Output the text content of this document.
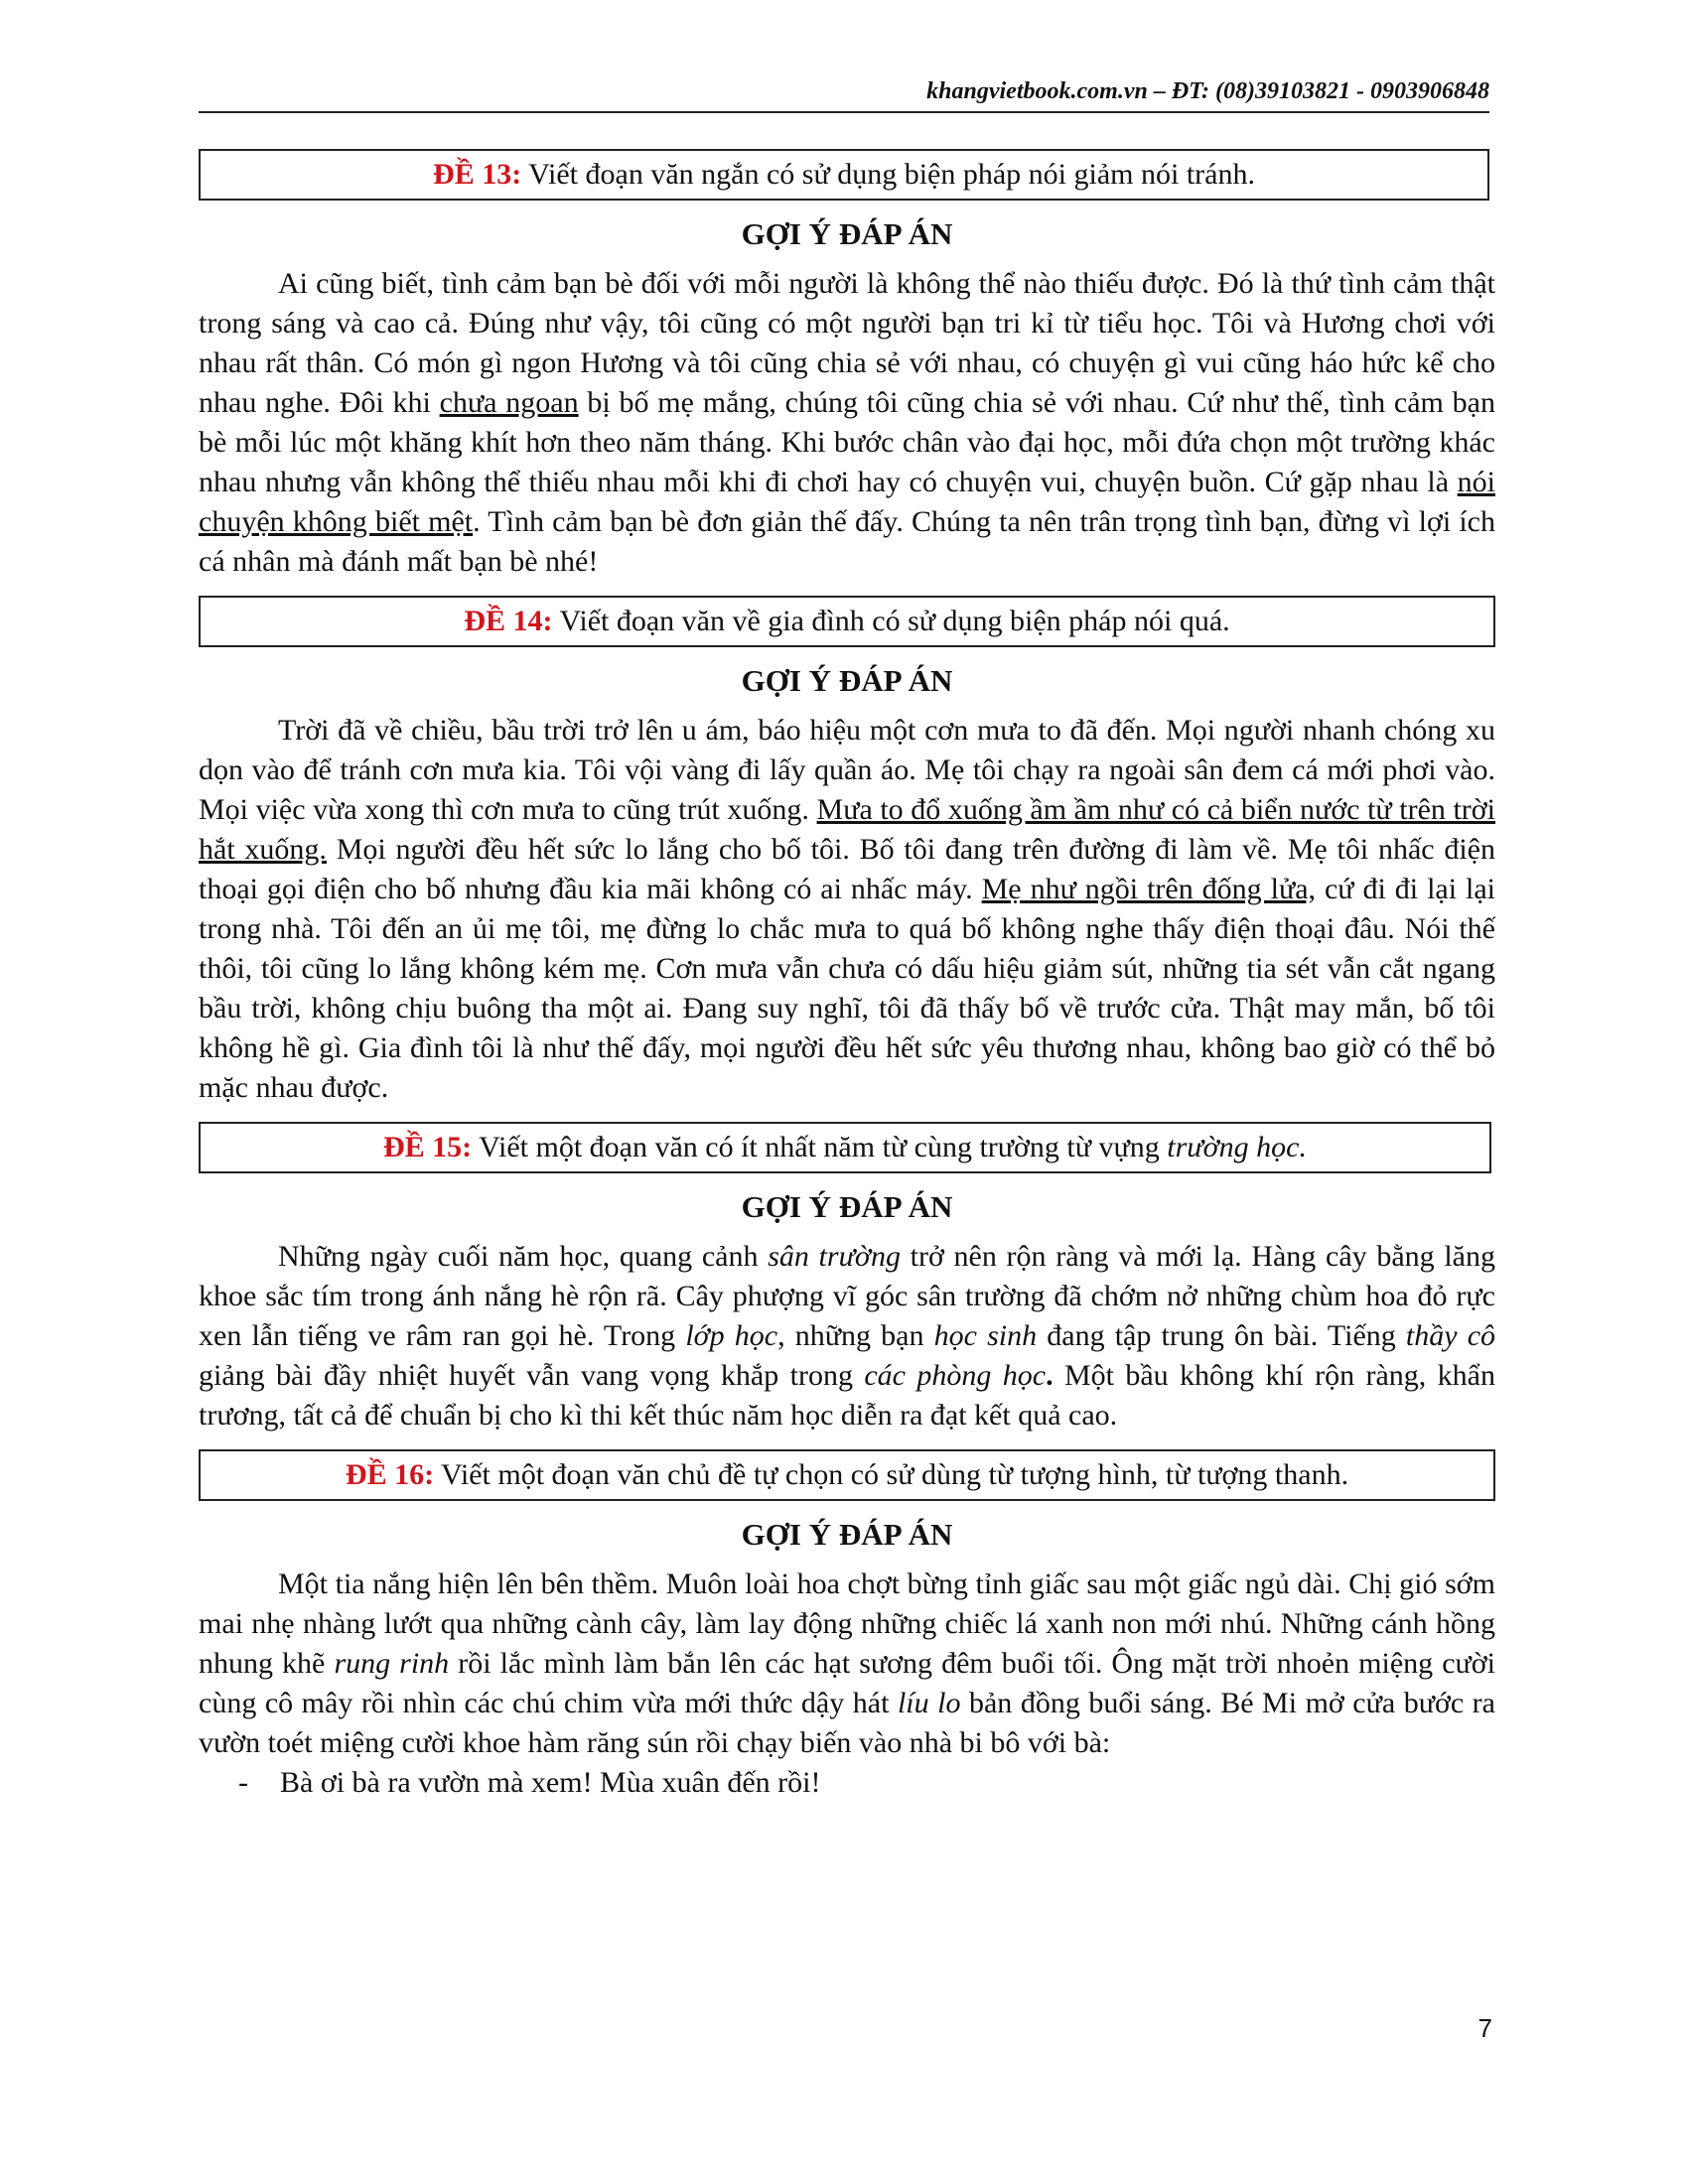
khangvietbook.com.vn – ĐT: (08)39103821 - 0903906848
ĐỀ 13: Viết đoạn văn ngắn có sử dụng biện pháp nói giảm nói tránh.
GỢI Ý ĐÁP ÁN

Ai cũng biết, tình cảm bạn bè đối với mỗi người là không thể nào thiếu được. Đó là thứ tình cảm thật trong sáng và cao cả. Đúng như vậy, tôi cũng có một người bạn tri kỉ từ tiểu học. Tôi và Hương chơi với nhau rất thân. Có món gì ngon Hương và tôi cũng chia sẻ với nhau, có chuyện gì vui cũng háo hức kể cho nhau nghe. Đôi khi chưa ngoan bị bố mẹ mắng, chúng tôi cũng chia sẻ với nhau. Cứ như thế, tình cảm bạn bè mỗi lúc một khăng khít hơn theo năm tháng. Khi bước chân vào đại học, mỗi đứa chọn một trường khác nhau nhưng vẫn không thể thiếu nhau mỗi khi đi chơi hay có chuyện vui, chuyện buồn. Cứ gặp nhau là nói chuyện không biết mệt. Tình cảm bạn bè đơn giản thế đấy. Chúng ta nên trân trọng tình bạn, đừng vì lợi ích cá nhân mà đánh mất bạn bè nhé!

ĐỀ 14: Viết đoạn văn về gia đình có sử dụng biện pháp nói quá.
GỢI Ý ĐÁP ÁN

Trời đã về chiều, bầu trời trở lên u ám, báo hiệu một cơn mưa to đã đến. Mọi người nhanh chóng xu dọn vào để tránh cơn mưa kia. Tôi vội vàng đi lấy quần áo. Mẹ tôi chạy ra ngoài sân đem cá mới phơi vào. Mọi việc vừa xong thì cơn mưa to cũng trút xuống. Mưa to đổ xuống ầm ầm như có cả biển nước từ trên trời hắt xuống. Mọi người đều hết sức lo lắng cho bố tôi. Bố tôi đang trên đường đi làm về. Mẹ tôi nhấc điện thoại gọi điện cho bố nhưng đầu kia mãi không có ai nhấc máy. Mẹ như ngồi trên đống lửa, cứ đi đi lại lại trong nhà. Tôi đến an ủi mẹ tôi, mẹ đừng lo chắc mưa to quá bố không nghe thấy điện thoại đâu. Nói thế thôi, tôi cũng lo lắng không kém mẹ. Cơn mưa vẫn chưa có dấu hiệu giảm sút, những tia sét vẫn cắt ngang bầu trời, không chịu buông tha một ai. Đang suy nghĩ, tôi đã thấy bố về trước cửa. Thật may mắn, bố tôi không hề gì. Gia đình tôi là như thế đấy, mọi người đều hết sức yêu thương nhau, không bao giờ có thể bỏ mặc nhau được.

ĐỀ 15: Viết một đoạn văn có ít nhất năm từ cùng trường từ vựng trường học.
GỢI Ý ĐÁP ÁN

Những ngày cuối năm học, quang cảnh sân trường trở nên rộn ràng và mới lạ. Hàng cây bằng lăng khoe sắc tím trong ánh nắng hè rộn rã. Cây phượng vĩ góc sân trường đã chớm nở những chùm hoa đỏ rực xen lẫn tiếng ve râm ran gọi hè. Trong lớp học, những bạn học sinh đang tập trung ôn bài. Tiếng thầy cô giảng bài đầy nhiệt huyết vẫn vang vọng khắp trong các phòng học. Một bầu không khí rộn ràng, khẩn trương, tất cả để chuẩn bị cho kì thi kết thúc năm học diễn ra đạt kết quả cao.

ĐỀ 16: Viết một đoạn văn chủ đề tự chọn có sử dùng từ tượng hình, từ tượng thanh.
GỢI Ý ĐÁP ÁN

Một tia nắng hiện lên bên thềm. Muôn loài hoa chợt bừng tỉnh giấc sau một giấc ngủ dài. Chị gió sớm mai nhẹ nhàng lướt qua những cành cây, làm lay động những chiếc lá xanh non mới nhú. Những cánh hồng nhung khẽ rung rinh rồi lắc mình làm bắn lên các hạt sương đêm buổi tối. Ông mặt trời nhoẻn miệng cười cùng cô mây rồi nhìn các chú chim vừa mới thức dậy hát líu lo bản đồng buổi sáng. Bé Mi mở cửa bước ra vườn toét miệng cười khoe hàm răng sún rồi chạy biến vào nhà bi bô với bà:

- Bà ơi bà ra vườn mà xem! Mùa xuân đến rồi!
7
